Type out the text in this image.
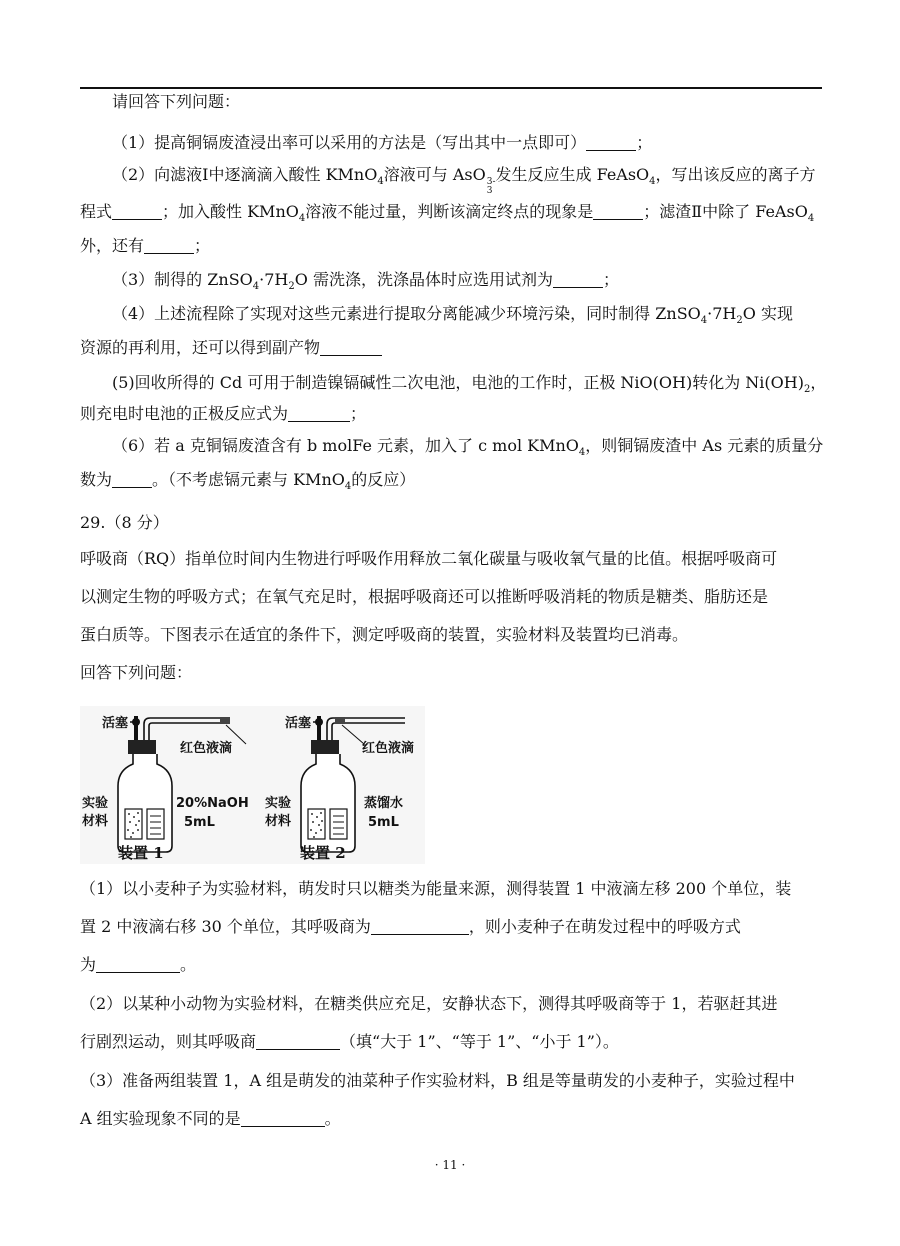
请回答下列问题：
（1）提高铜镉废渣浸出率可以采用的方法是（写出其中一点即可）	；
（2）向滤液Ⅰ中逐滴滴入酸性 KMnO$_4$溶液可与 AsO 3-
3
发生反应生成 FeAsO$_4$，写出该反应的离子方
程式	；加入酸性 KMnO$_4$溶液不能过量，判断该滴定终点的现象是	；滤渣Ⅱ中除了 FeAsO$_4$
外，还有	；
（3）制得的 $ZnSO_4\cdot 7H_2O$ 需洗涤，洗涤晶体时应选用试剂为	；
（4）上述流程除了实现对这些元素进行提取分离能减少环境污染，同时制得 $ZnSO_4\cdot 7H_2O$ 实现
资源的再利用，还可以得到副产物
(5)回收所得的 Cd 可用于制造镍镉碱性二次电池，电池的工作时，正极 NiO(OH)转化为 $Ni(OH)_2$，
则充电时电池的正极反应式为	；
（6）若 a 克铜镉废渣含有 b molFe 元素，加入了 c mol KMnO$_4$，则铜镉废渣中 As 元素的质量分
数为	。（不考虑镉元素与 KMnO$_4$的反应）
29.（8 分）
呼吸商（RQ）指单位时间内生物进行呼吸作用释放二氧化碳量与吸收氧气量的比值。根据呼吸商可
以测定生物的呼吸方式；在氧气充足时，根据呼吸商还可以推断呼吸消耗的物质是糖类、脂肪还是
蛋白质等。下图表示在适宜的条件下，测定呼吸商的装置，实验材料及装置均已消毒。
回答下列问题：
活塞
红色液滴
实验
材料
20%NaOH
5mL
装置 1
活塞
红色液滴
实验
材料
蒸馏水
5mL
装置 2
（1）以小麦种子为实验材料，萌发时只以糖类为能量来源，测得装置 1 中液滴左移 200 个单位，装
置 2 中液滴右移 30 个单位，其呼吸商为	，则小麦种子在萌发过程中的呼吸方式
为	。
（2）以某种小动物为实验材料，在糖类供应充足，安静状态下，测得其呼吸商等于 1，若驱赶其进
行剧烈运动，则其呼吸商	（填“大于 1”、“等于 1”、“小于 1”）。
（3）准备两组装置 1，A 组是萌发的油菜种子作实验材料，B 组是等量萌发的小麦种子，实验过程中
A 组实验现象不同的是	。
· 11 ·
